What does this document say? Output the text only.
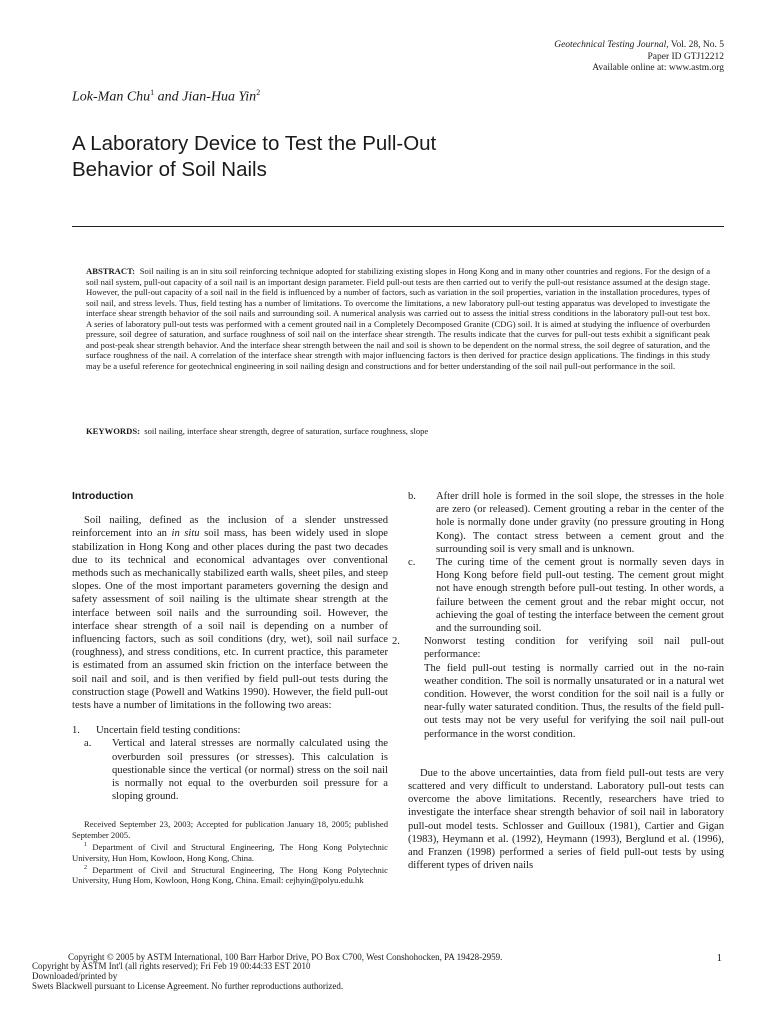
Geotechnical Testing Journal, Vol. 28, No. 5
Paper ID GTJ12212
Available online at: www.astm.org
Lok-Man Chu$^1$ and Jian-Hua Yin$^2$
A Laboratory Device to Test the Pull-Out
Behavior of Soil Nails

ABSTRACT: Soil nailing is an in situ soil reinforcing technique adopted for stabilizing existing slopes in Hong Kong and in many other countries and regions. For the design of a soil nail system, pull-out capacity of a soil nail is an important design parameter. Field pull-out tests are then carried out to verify the pull-out resistance assumed at the design stage. However, the pull-out capacity of a soil nail in the field is influenced by a number of factors, such as variation in the soil properties, variation in the installation procedures, types of soil nail, and stress levels. Thus, field testing has a number of limitations. To overcome the limitations, a new laboratory pull-out testing apparatus was developed to investigate the interface shear strength behavior of the soil nails and surrounding soil. A numerical analysis was carried out to assess the initial stress conditions in the laboratory pull-out test box. A series of laboratory pull-out tests was performed with a cement grouted nail in a Completely Decomposed Granite (CDG) soil. It is aimed at studying the influence of overburden pressure, soil degree of saturation, and surface roughness of soil nail on the interface shear strength. The results indicate that the curves for pull-out tests exhibit a significant peak and post-peak shear strength behavior. And the interface shear strength between the nail and soil is shown to be dependent on the normal stress, the soil degree of saturation, and the surface roughness of the nail. A correlation of the interface shear strength with major influencing factors is then derived for practice design applications. The findings in this study may be a useful reference for geotechnical engineering in soil nailing design and constructions and for better understanding of the soil nail pull-out performance in the soil.

KEYWORDS: soil nailing, interface shear strength, degree of saturation, surface roughness, slope

Introduction

Soil nailing, defined as the inclusion of a slender unstressed reinforcement into an in situ soil mass, has been widely used in slope stabilization in Hong Kong and other places during the past two decades due to its technical and economical advantages over conventional methods such as mechanically stabilized earth walls, sheet piles, and steep slopes. One of the most important parameters governing the design and safety assessment of soil nailing is the ultimate shear strength at the interface between soil nails and the surrounding soil. However, the interface shear strength of a soil nail is depending on a number of influencing factors, such as soil conditions (dry, wet), soil nail surface (roughness), and stress conditions, etc. In current practice, this parameter is estimated from an assumed skin friction on the interface between the soil nail and soil, and is then verified by field pull-out tests during the construction stage (Powell and Watkins 1990). However, the field pull-out tests have a number of limitations in the following two areas:

1. Uncertain field testing conditions:

a. Vertical and lateral stresses are normally calculated using the overburden soil pressures (or stresses). This calculation is questionable since the vertical (or normal) stress on the soil nail is normally not equal to the overburden soil pressure for a sloping ground.

Received September 23, 2003; Accepted for publication January 18, 2005; published September 2005.

$^1$ Department of Civil and Structural Engineering, The Hong Kong Polytechnic University, Hun Hom, Kowloon, Hong Kong, China.

$^2$ Department of Civil and Structural Engineering, The Hong Kong Polytechnic University, Hung Hom, Kowloon, Hong Kong, China. Email: cejhyin@polyu.edu.hk

b. After drill hole is formed in the soil slope, the stresses in the hole are zero (or released). Cement grouting a rebar in the center of the hole is normally done under gravity (no pressure grouting in Hong Kong). The contact stress between a cement grout and the surrounding soil is very small and is unknown.

c. The curing time of the cement grout is normally seven days in Hong Kong before field pull-out testing. The cement grout might not have enough strength before pull-out testing. In other words, a failure between the cement grout and the rebar might occur, not achieving the goal of testing the interface between the cement grout and the surrounding soil.

2. Nonworst testing condition for verifying soil nail pull-out performance:

The field pull-out testing is normally carried out in the no-rain weather condition. The soil is normally unsaturated or in a natural wet condition. However, the worst condition for the soil nail is a fully or near-fully water saturated condition. Thus, the results of the field pull-out tests may not be very useful for verifying the soil nail pull-out performance in the worst condition.

Due to the above uncertainties, data from field pull-out tests are very scattered and very difficult to understand. Laboratory pull-out tests can overcome the above limitations. Recently, researchers have tried to investigate the interface shear strength behavior of soil nail in laboratory pull-out model tests. Schlosser and Guilloux (1981), Cartier and Gigan (1983), Heymann et al. (1992), Heymann (1993), Berglund et al. (1996), and Franzen (1998) performed a series of field pull-out tests by using different types of driven nails

Copyright © 2005 by ASTM International, 100 Barr Harbor Drive, PO Box C700, West Conshohocken, PA 19428-2959.
Copyright by ASTM Int'l (all rights reserved); Fri Feb 19 00:44:33 EST 2010
Downloaded/printed by
Swets Blackwell pursuant to License Agreement. No further reproductions authorized.
1
